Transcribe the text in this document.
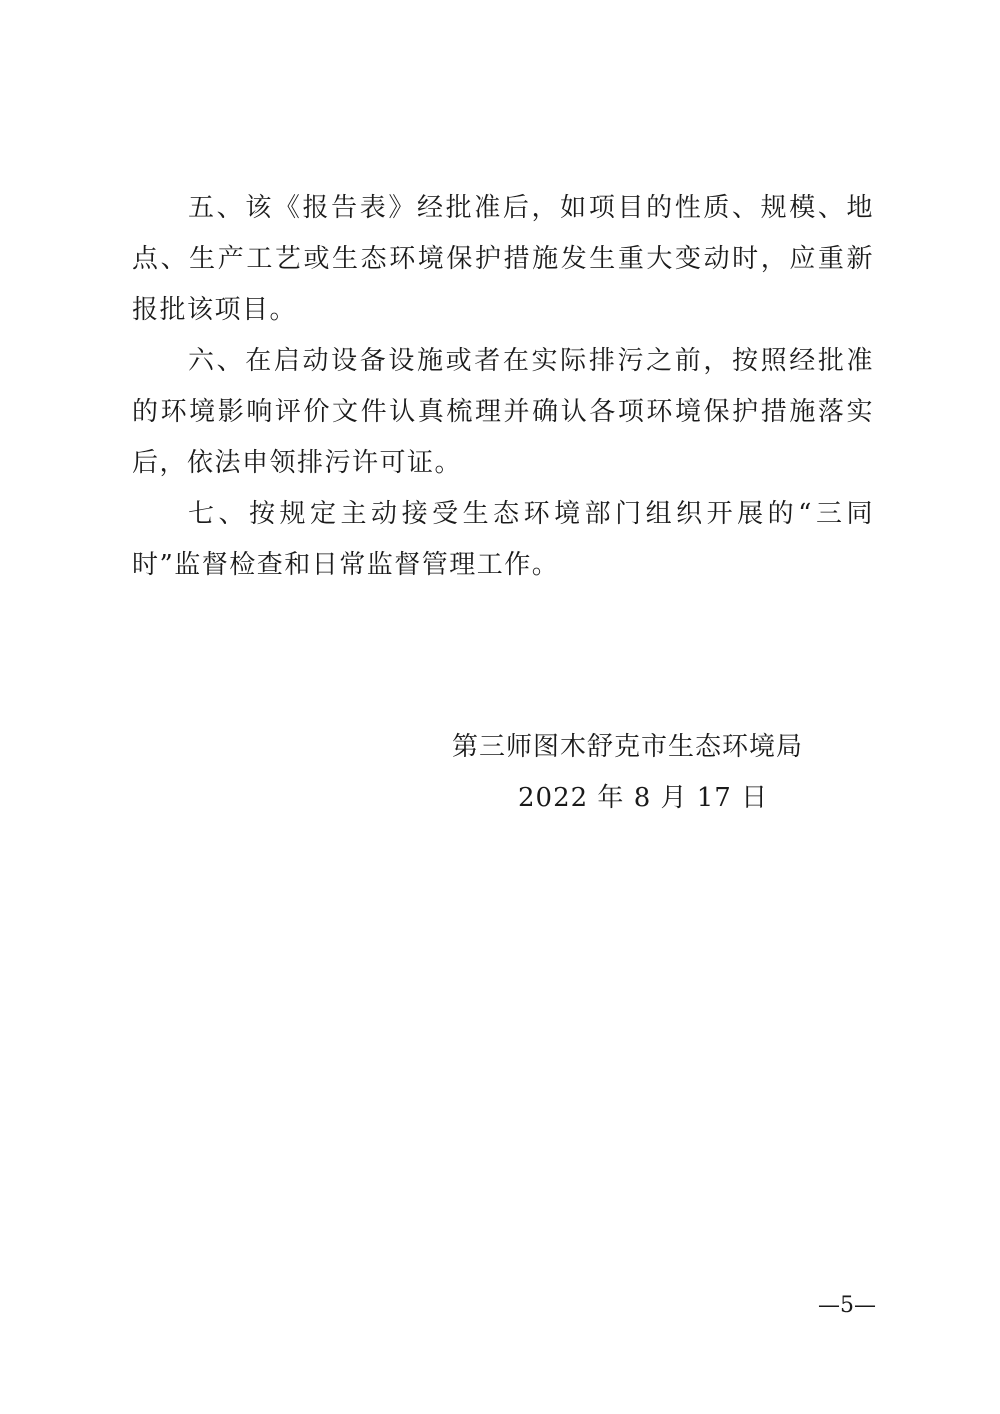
五、该《报告表》经批准后，如项目的性质、规模、地点、生产工艺或生态环境保护措施发生重大变动时，应重新报批该项目。

六、在启动设备设施或者在实际排污之前，按照经批准的环境影响评价文件认真梳理并确认各项环境保护措施落实后，依法申领排污许可证。

七、按规定主动接受生态环境部门组织开展的“三同时”监督检查和日常监督管理工作。

第三师图木舒克市生态环境局
2022 年 8 月 17 日
—5—
